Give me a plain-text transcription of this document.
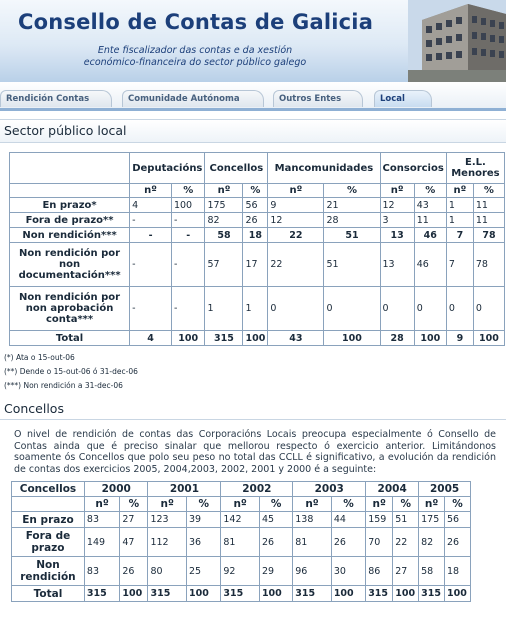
Consello de Contas de Galicia
Ente fiscalizador das contas e da xestión
económico-financeira do sector público galego
Rendición Contas	Comunidade Autónoma	Outros Entes	Local
Sector público local
	Deputacións		Concellos		Mancomunidades		Consorcios		E.L. Menores	
	nº	%	nº	%	nº	%	nº	%	nº	%
En prazo*	4	100	175	56	9	21	12	43	1	11
Fora de prazo**	-	-	82	26	12	28	3	11	1	11
Non rendición***	-	-	58	18	22	51	13	46	7	78
Non rendición por non documentación***	-	-	57	17	22	51	13	46	7	78
Non rendición por non aprobación conta***	-	-	1	1	0	0	0	0	0	0
Total	4	100	315	100	43	100	28	100	9	100
(*) Ata o 15-out-06
(**) Dende o 15-out-06 ó 31-dec-06
(***) Non rendición a 31-dec-06
Concellos
O nivel de rendición de contas das Corporacións Locais preocupa especialmente ó Consello de Contas ainda que é preciso sinalar que mellorou respecto ó exercicio anterior. Limitándonos soamente ós Concellos que polo seu peso no total das CCLL é significativo, a evolución da rendición de contas dos exercicios 2005, 2004,2003, 2002, 2001 y 2000 é a seguinte:
Concellos	2000		2001		2002		2003		2004		2005	
	nº	%	nº	%	nº	%	nº	%	nº	%	nº	%
En prazo	83	27	123	39	142	45	138	44	159	51	175	56
Fora de prazo	149	47	112	36	81	26	81	26	70	22	82	26
Non rendición	83	26	80	25	92	29	96	30	86	27	58	18
Total	315	100	315	100	315	100	315	100	315	100	315	100
